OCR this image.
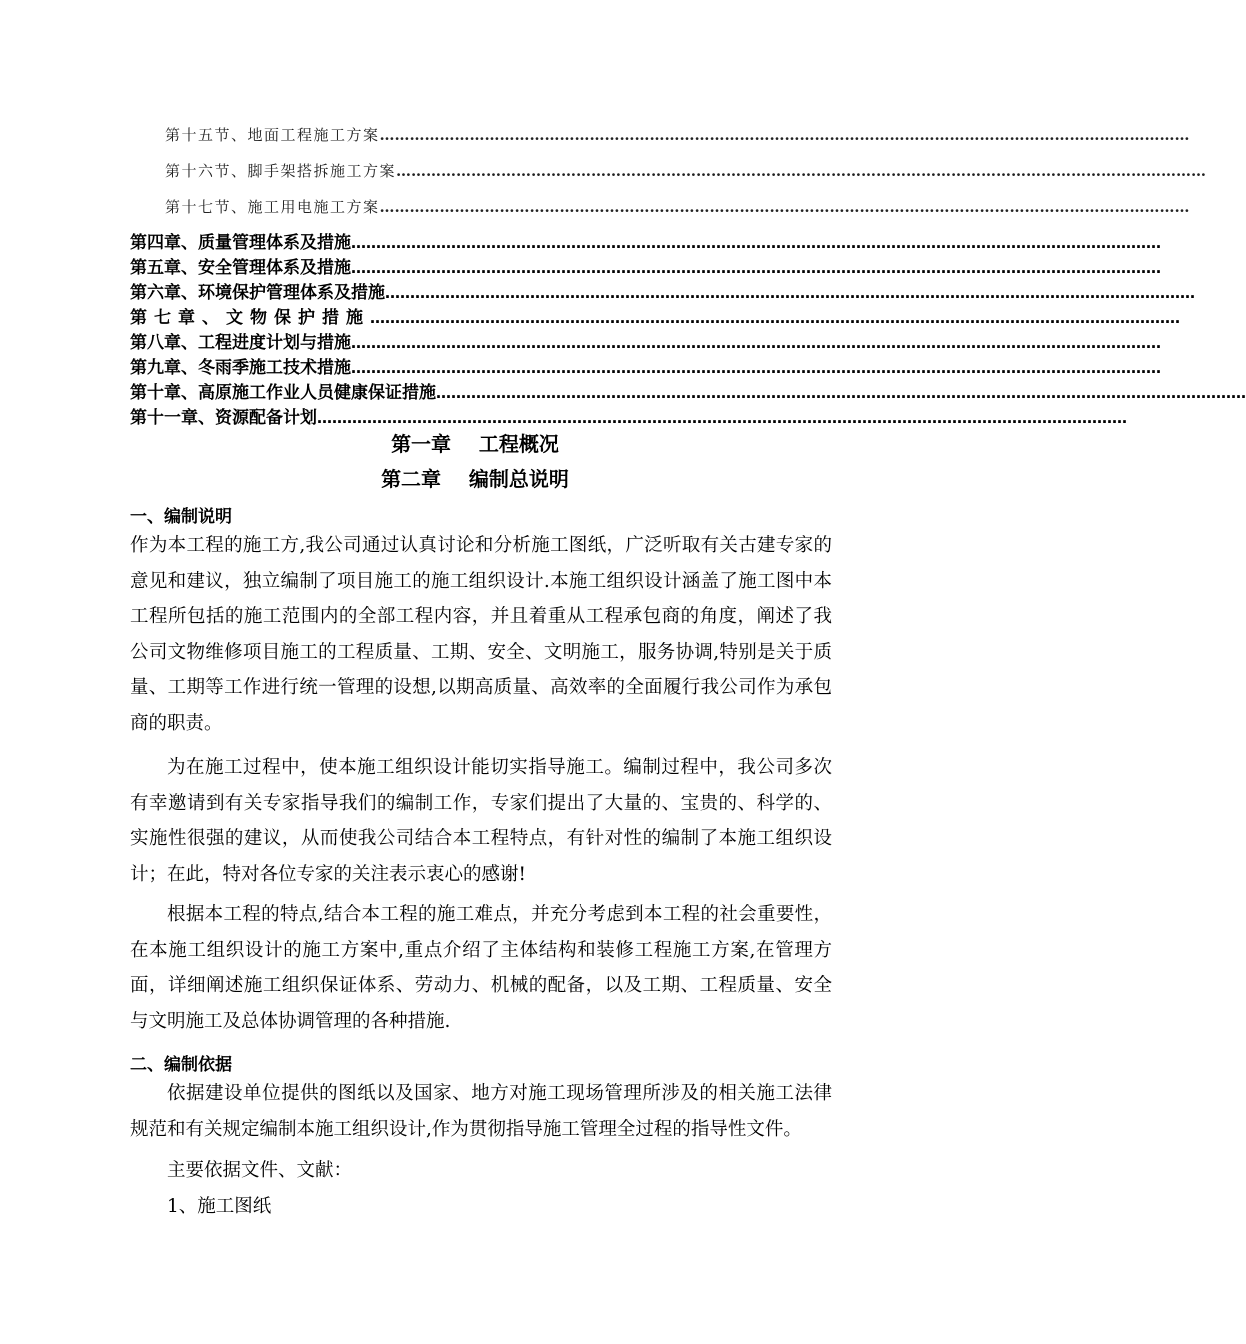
第十五节、地面工程施工方案 ………………………………………………………………………………………………………………………………………………
第十六节、脚手架搭拆施工方案 ………………………………………………………………………………………………………………………………………………
第十七节、施工用电施工方案 ………………………………………………………………………………………………………………………………………………
第四章、质量管理体系及措施 ………………………………………………………………………………………………………………………………………………
第五章、安全管理体系及措施 ………………………………………………………………………………………………………………………………………………
第六章、环境保护管理体系及措施 ………………………………………………………………………………………………………………………………………………
第七章、文物保护措施 ………………………………………………………………………………………………………………………………………………
第八章、工程进度计划与措施 ………………………………………………………………………………………………………………………………………………
第九章、冬雨季施工技术措施 ………………………………………………………………………………………………………………………………………………
第十章、高原施工作业人员健康保证措施 ………………………………………………………………………………………………………………………………………………
第十一章、资源配备计划 ………………………………………………………………………………………………………………………………………………
第一章    工程概况
第二章    编制总说明
一、编制说明

作为本工程的施工方,我公司通过认真讨论和分析施工图纸，广泛听取有关古建专家的意见和建议，独立编制了项目施工的施工组织设计.本施工组织设计涵盖了施工图中本工程所包括的施工范围内的全部工程内容，并且着重从工程承包商的角度，阐述了我公司文物维修项目施工的工程质量、工期、安全、文明施工，服务协调,特别是关于质量、工期等工作进行统一管理的设想,以期高质量、高效率的全面履行我公司作为承包商的职责。

为在施工过程中，使本施工组织设计能切实指导施工。编制过程中，我公司多次有幸邀请到有关专家指导我们的编制工作，专家们提出了大量的、宝贵的、科学的、实施性很强的建议，从而使我公司结合本工程特点，有针对性的编制了本施工组织设计；在此，特对各位专家的关注表示衷心的感谢!

根据本工程的特点,结合本工程的施工难点，并充分考虑到本工程的社会重要性，在本施工组织设计的施工方案中,重点介绍了主体结构和装修工程施工方案,在管理方面，详细阐述施工组织保证体系、劳动力、机械的配备，以及工期、工程质量、安全与文明施工及总体协调管理的各种措施.

二、编制依据

依据建设单位提供的图纸以及国家、地方对施工现场管理所涉及的相关施工法律规范和有关规定编制本施工组织设计,作为贯彻指导施工管理全过程的指导性文件。

主要依据文件、文献：
1、施工图纸
